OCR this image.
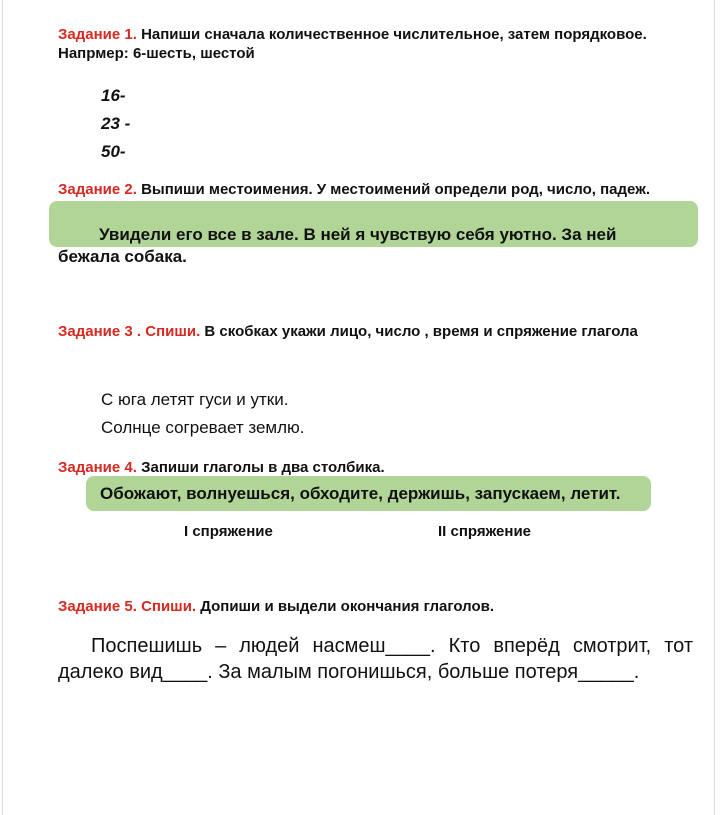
Задание 1. Напиши сначала количественное числительное, затем порядковое. Напрмер: 6-шесть, шестой
16-
23 -
50-
Задание 2. Выпиши местоимения. У местоимений определи род, число, падеж.
Увидели его все в зале. В ней я чувствую себя уютно. За ней
бежала собака.
Задание 3 . Спиши. В скобках укажи лицо, число , время и спряжение глагола
С юга летят гуси и утки.
Солнце согревает землю.
Задание 4. Запиши глаголы в два столбика.
Обожают, волнуешься, обходите, держишь, запускаем, летит.
I спряжение	II спряжение
Задание 5. Спиши. Допиши и выдели окончания глаголов.
Поспешишь – людей насмеш____. Кто вперёд смотрит, тот далеко вид____. За малым погонишься, больше потеря_____.
